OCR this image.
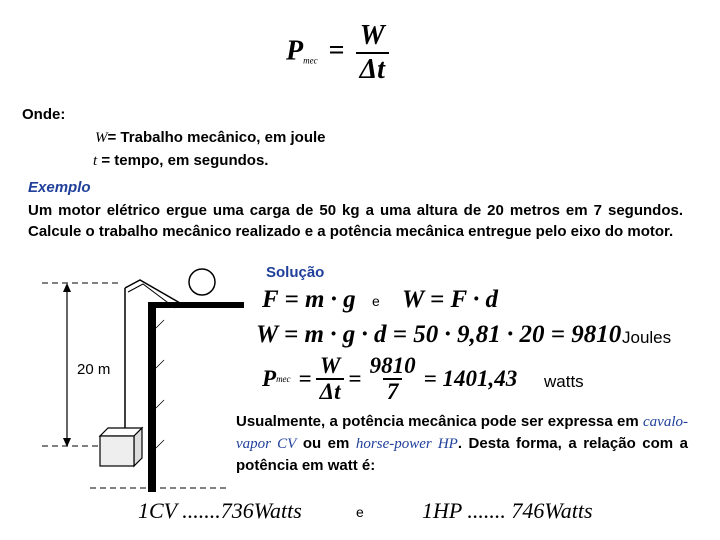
$P_{mec} = \frac{W}{\Delta t}$
Onde:
W= Trabalho mecânico, em joule
t = tempo, em segundos.
Exemplo
Um motor elétrico ergue uma carga de 50 kg a uma altura de 20 metros em 7 segundos. Calcule o trabalho mecânico realizado e a potência mecânica entregue pelo eixo do motor.
Solução
F = m · g e W = F · d
W = m · g · d = 50 · 9,81 · 20 = 9810 Joules
P mec = $\frac{W}{\Delta t} = \frac{9810}{7} = 1401,43$ watts
20 m
Usualmente, a potência mecânica pode ser expressa em cavalo-vapor CV ou em horse-power HP. Desta forma, a relação com a potência em watt é:
1CV .......736Watts	e	1HP ....... 746Watts
